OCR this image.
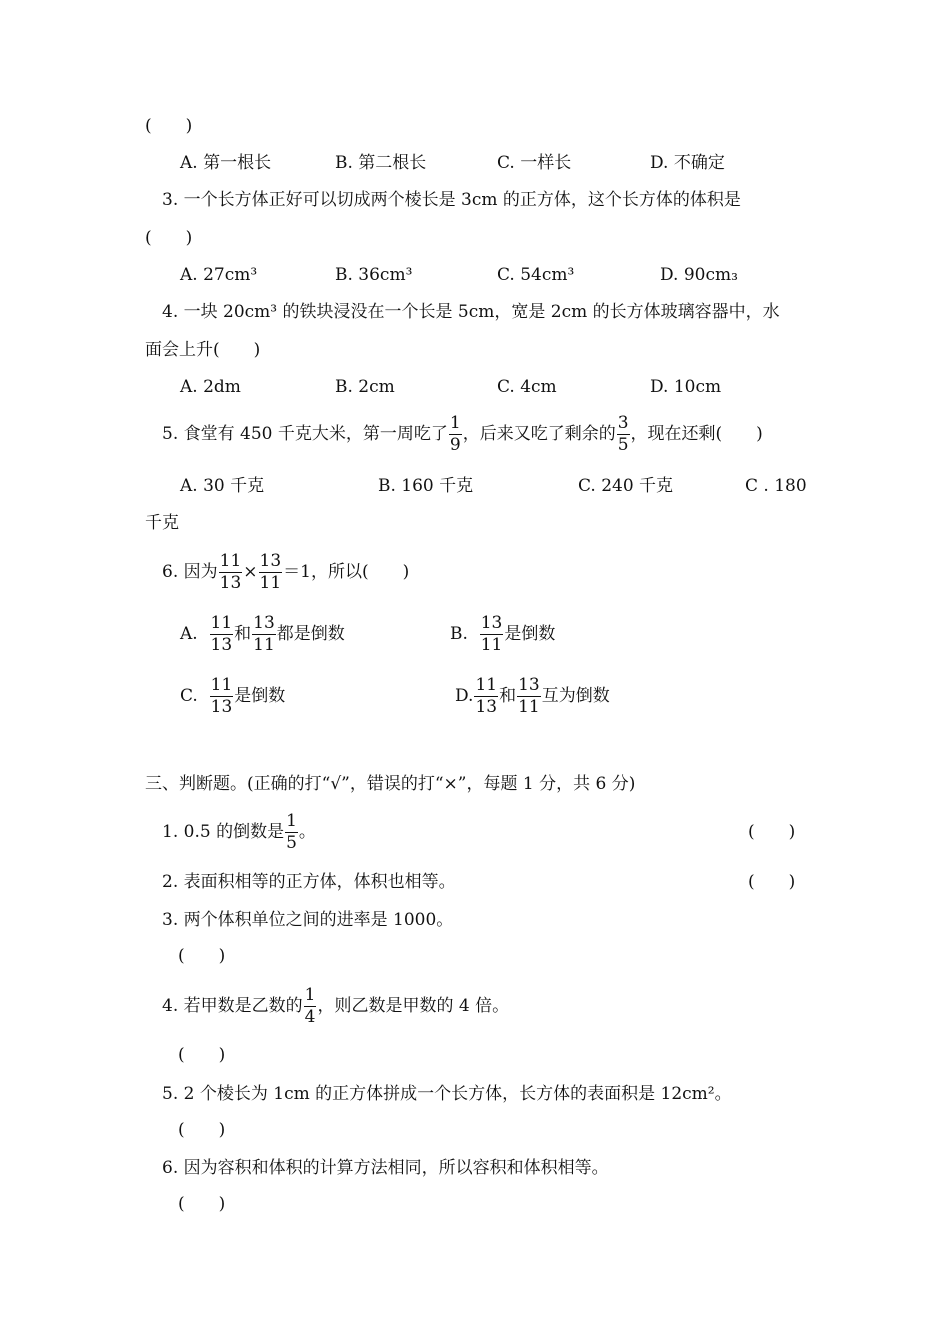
(　　)
A. 第一根长	B. 第二根长	C. 一样长	D. 不确定
3. 一个长方体正好可以切成两个棱长是 3cm 的正方体，这个长方体的体积是
(　　)
A. 27cm³	B. 36cm³	C. 54cm³	D. 90cm₃
4. 一块 20cm³ 的铁块浸没在一个长是 5cm，宽是 2cm 的长方体玻璃容器中，水
面会上升(　　)
A. 2dm	B. 2cm	C. 4cm	D. 10cm
5. 食堂有 450 千克大米，第一周吃了 $\frac{1}{9}$ ，后来又吃了剩余的 $\frac{3}{5}$ ，现在还剩(　　)
A. 30 千克	B. 160 千克	C. 240 千克	C . 180
千克
6. 因为 $\frac{11}{13} \times \frac{13}{11} =1$，所以(　　)
A. $\frac{11}{13}$ 和 $\frac{13}{11}$ 都是倒数	B. $\frac{13}{11}$ 是倒数
C. $\frac{11}{13}$ 是倒数	D. $\frac{11}{13}$ 和 $\frac{13}{11}$ 互为倒数
三、判断题。(正确的打“√”，错误的打“×”，每题 1 分，共 6 分)
1. 0.5 的倒数是 $\frac{1}{5}$ 。	(　　)
2. 表面积相等的正方体，体积也相等。	(　　)
3. 两个体积单位之间的进率是 1000。
(　　)
4. 若甲数是乙数的 $\frac{1}{4}$ ，则乙数是甲数的 4 倍。
(　　)
5. 2 个棱长为 1cm 的正方体拼成一个长方体，长方体的表面积是 12cm²。
(　　)
6. 因为容积和体积的计算方法相同，所以容积和体积相等。
(　　)
